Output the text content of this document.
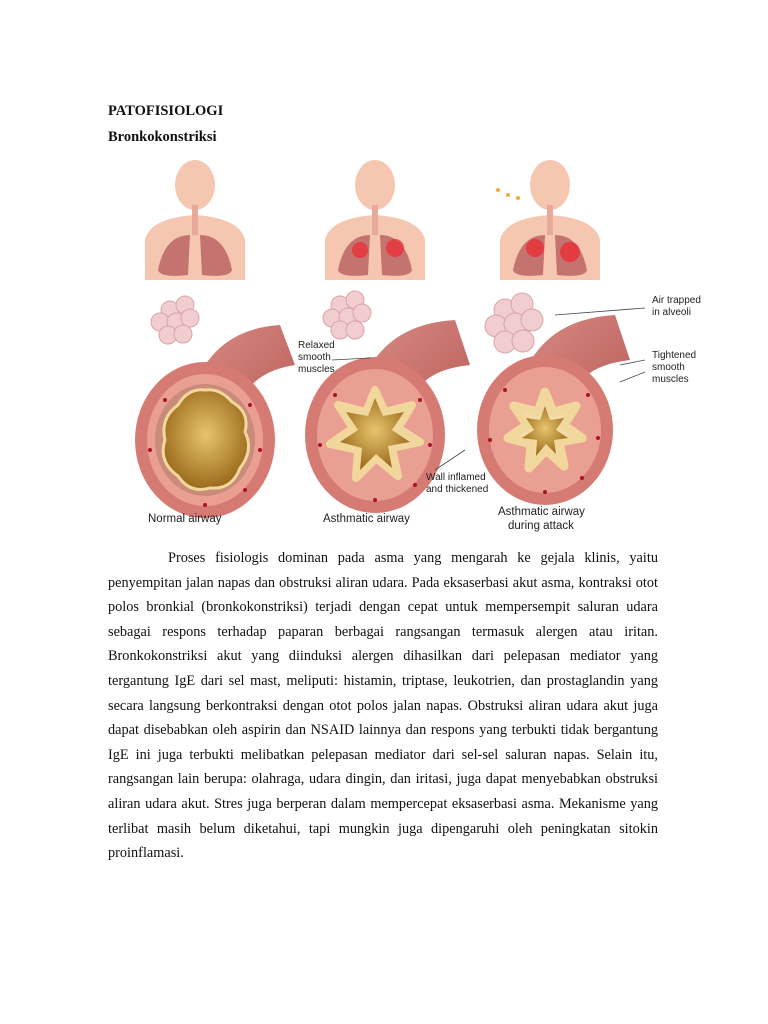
PATOFISIOLOGI
Bronkokonstriksi
Relaxed smooth muscles
Air trapped in alveoli
Tightened smooth muscles
Wall inflamed and thickened
Normal airway	Asthmatic airway
Asthmatic airway during attack

Proses fisiologis dominan pada asma yang mengarah ke gejala klinis, yaitu penyempitan jalan napas dan obstruksi aliran udara. Pada eksaserbasi akut asma, kontraksi otot polos bronkial (bronkokonstriksi) terjadi dengan cepat untuk mempersempit saluran udara sebagai respons terhadap paparan berbagai rangsangan termasuk alergen atau iritan. Bronkokonstriksi akut yang diinduksi alergen dihasilkan dari pelepasan mediator yang tergantung IgE dari sel mast, meliputi: histamin, triptase, leukotrien, dan prostaglandin yang secara langsung berkontraksi dengan otot polos jalan napas. Obstruksi aliran udara akut juga dapat disebabkan oleh aspirin dan NSAID lainnya dan respons yang terbukti tidak bergantung IgE ini juga terbukti melibatkan pelepasan mediator dari sel-sel saluran napas. Selain itu, rangsangan lain berupa: olahraga, udara dingin, dan iritasi, juga dapat menyebabkan obstruksi aliran udara akut. Stres juga berperan dalam mempercepat eksaserbasi asma. Mekanisme yang terlibat masih belum diketahui, tapi mungkin juga dipengaruhi oleh peningkatan sitokin proinflamasi.
